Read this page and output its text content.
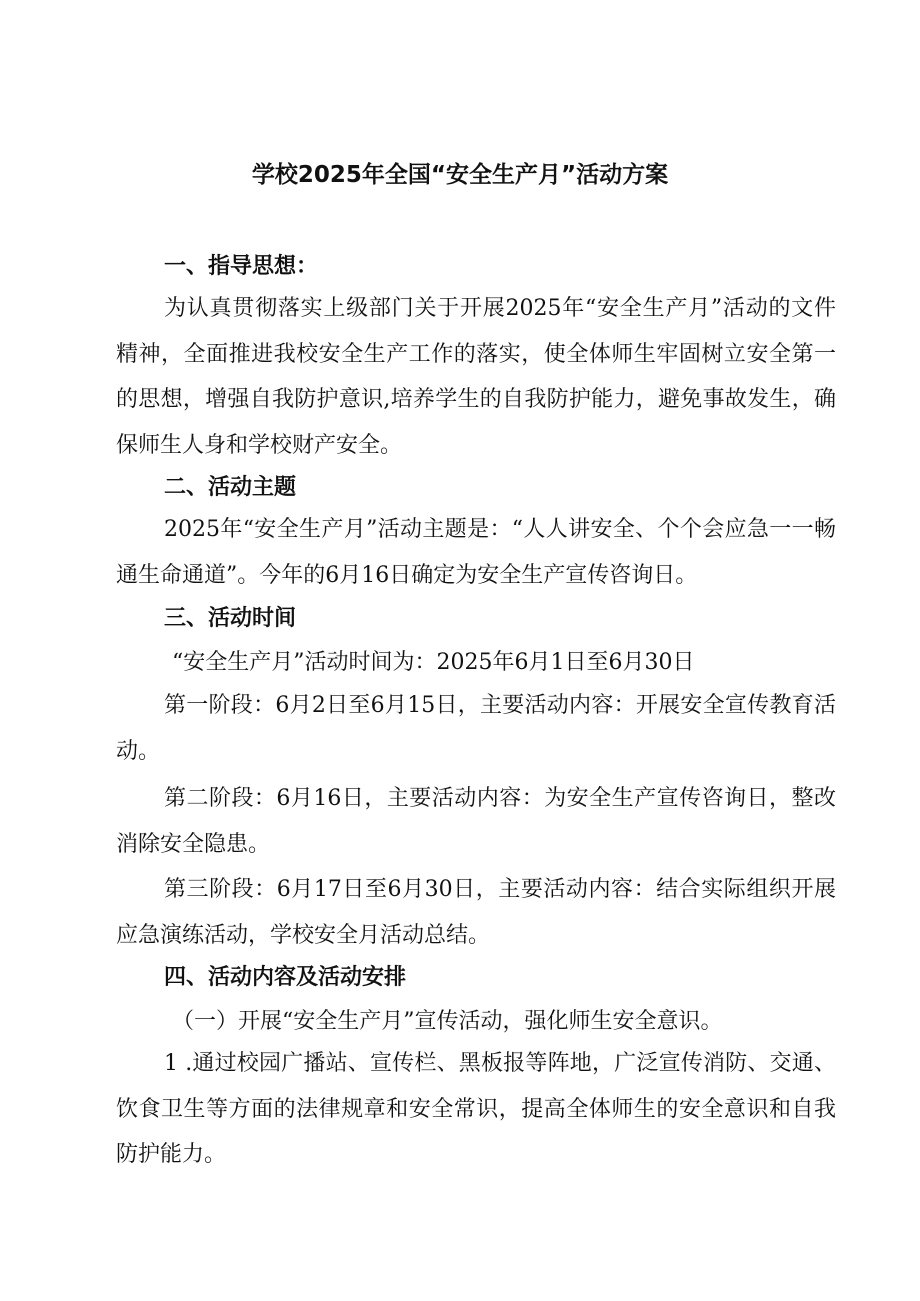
学校2025年全国“安全生产月”活动方案
一、指导思想：
为认真贯彻落实上级部门关于开展2025年“安全生产月”活动的文件精神，全面推进我校安全生产工作的落实，使全体师生牢固树立安全第一的思想，增强自我防护意识,培养学生的自我防护能力，避免事故发生，确保师生人身和学校财产安全。
二、活动主题
2025年“安全生产月”活动主题是：“人人讲安全、个个会应急一一畅通生命通道”。今年的6月16日确定为安全生产宣传咨询日。
三、活动时间
“安全生产月”活动时间为：2025年6月1日至6月30日
第一阶段：6月2日至6月15日，主要活动内容：开展安全宣传教育活动。
第二阶段：6月16日，主要活动内容：为安全生产宣传咨询日，整改消除安全隐患。
第三阶段：6月17日至6月30日，主要活动内容：结合实际组织开展应急演练活动，学校安全月活动总结。
四、活动内容及活动安排
（一）开展“安全生产月”宣传活动，强化师生安全意识。
1 .通过校园广播站、宣传栏、黑板报等阵地，广泛宣传消防、交通、饮食卫生等方面的法律规章和安全常识，提高全体师生的安全意识和自我防护能力。
